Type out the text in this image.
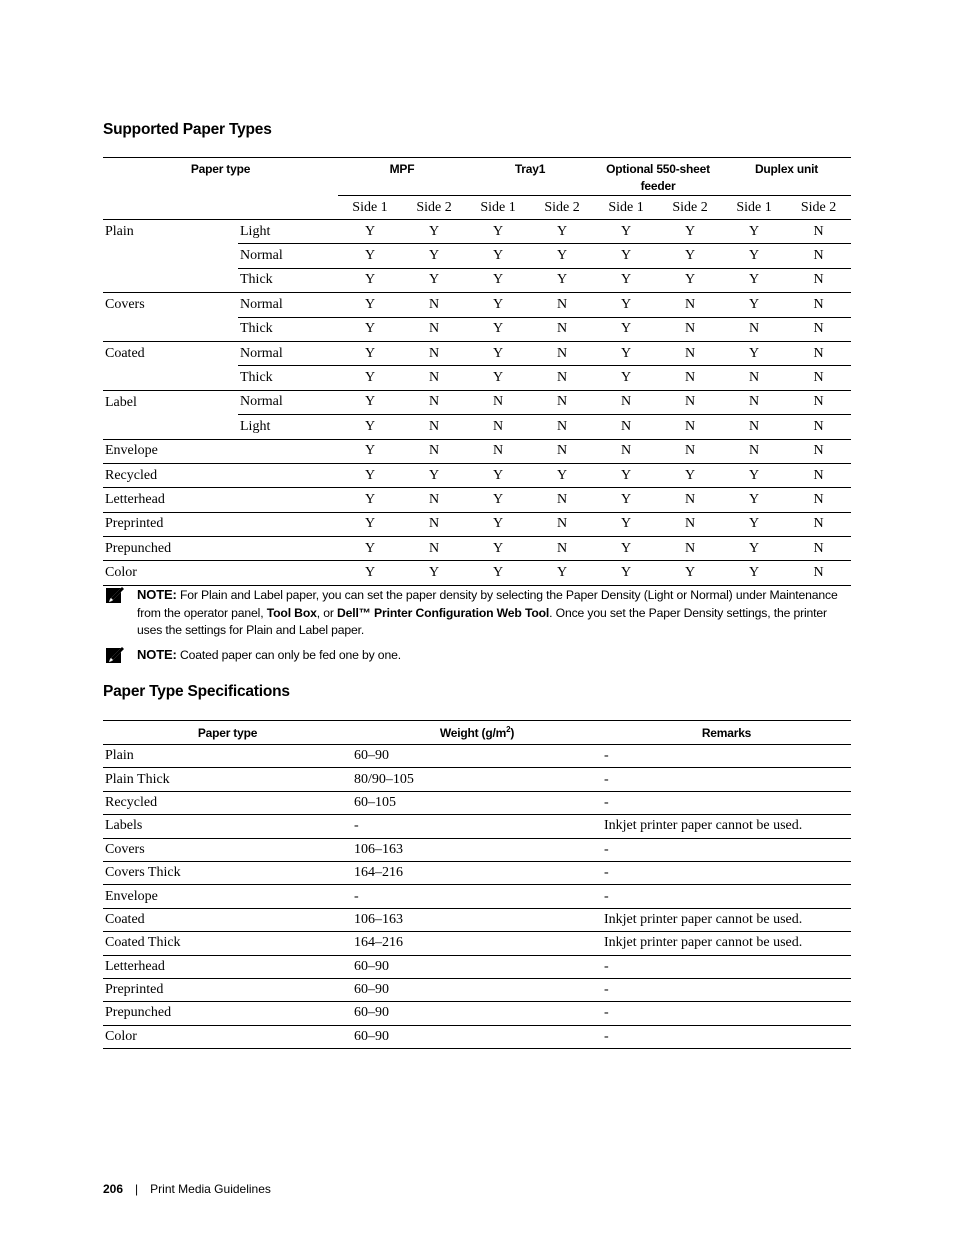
Supported Paper Types
Paper type		MPF		Tray1		Optional 550-sheet feeder		Duplex unit	
		Side 1	Side 2	Side 1	Side 2	Side 1	Side 2	Side 1	Side 2
Plain	Light	Y	Y	Y	Y	Y	Y	Y	N
	Normal	Y	Y	Y	Y	Y	Y	Y	N
	Thick	Y	Y	Y	Y	Y	Y	Y	N
Covers	Normal	Y	N	Y	N	Y	N	Y	N
	Thick	Y	N	Y	N	Y	N	N	N
Coated	Normal	Y	N	Y	N	Y	N	Y	N
	Thick	Y	N	Y	N	Y	N	N	N
Label	Normal	Y	N	N	N	N	N	N	N
	Light	Y	N	N	N	N	N	N	N
Envelope		Y	N	N	N	N	N	N	N
Recycled		Y	Y	Y	Y	Y	Y	Y	N
Letterhead		Y	N	Y	N	Y	N	Y	N
Preprinted		Y	N	Y	N	Y	N	Y	N
Prepunched		Y	N	Y	N	Y	N	Y	N
Color		Y	Y	Y	Y	Y	Y	Y	N
NOTE: For Plain and Label paper, you can set the paper density by selecting the Paper Density (Light or Normal) under Maintenance from the operator panel, Tool Box, or Dell™ Printer Configuration Web Tool. Once you set the Paper Density settings, the printer uses the settings for Plain and Label paper.
NOTE: Coated paper can only be fed one by one.
Paper Type Specifications
Paper type	Weight $(g/m^2)$	Remarks
Plain	60–90	-
Plain Thick	80/90–105	-
Recycled	60–105	-
Labels	-	Inkjet printer paper cannot be used.
Covers	106–163	-
Covers Thick	164–216	-
Envelope	-	-
Coated	106–163	Inkjet printer paper cannot be used.
Coated Thick	164–216	Inkjet printer paper cannot be used.
Letterhead	60–90	-
Preprinted	60–90	-
Prepunched	60–90	-
Color	60–90	-
206 | Print Media Guidelines
